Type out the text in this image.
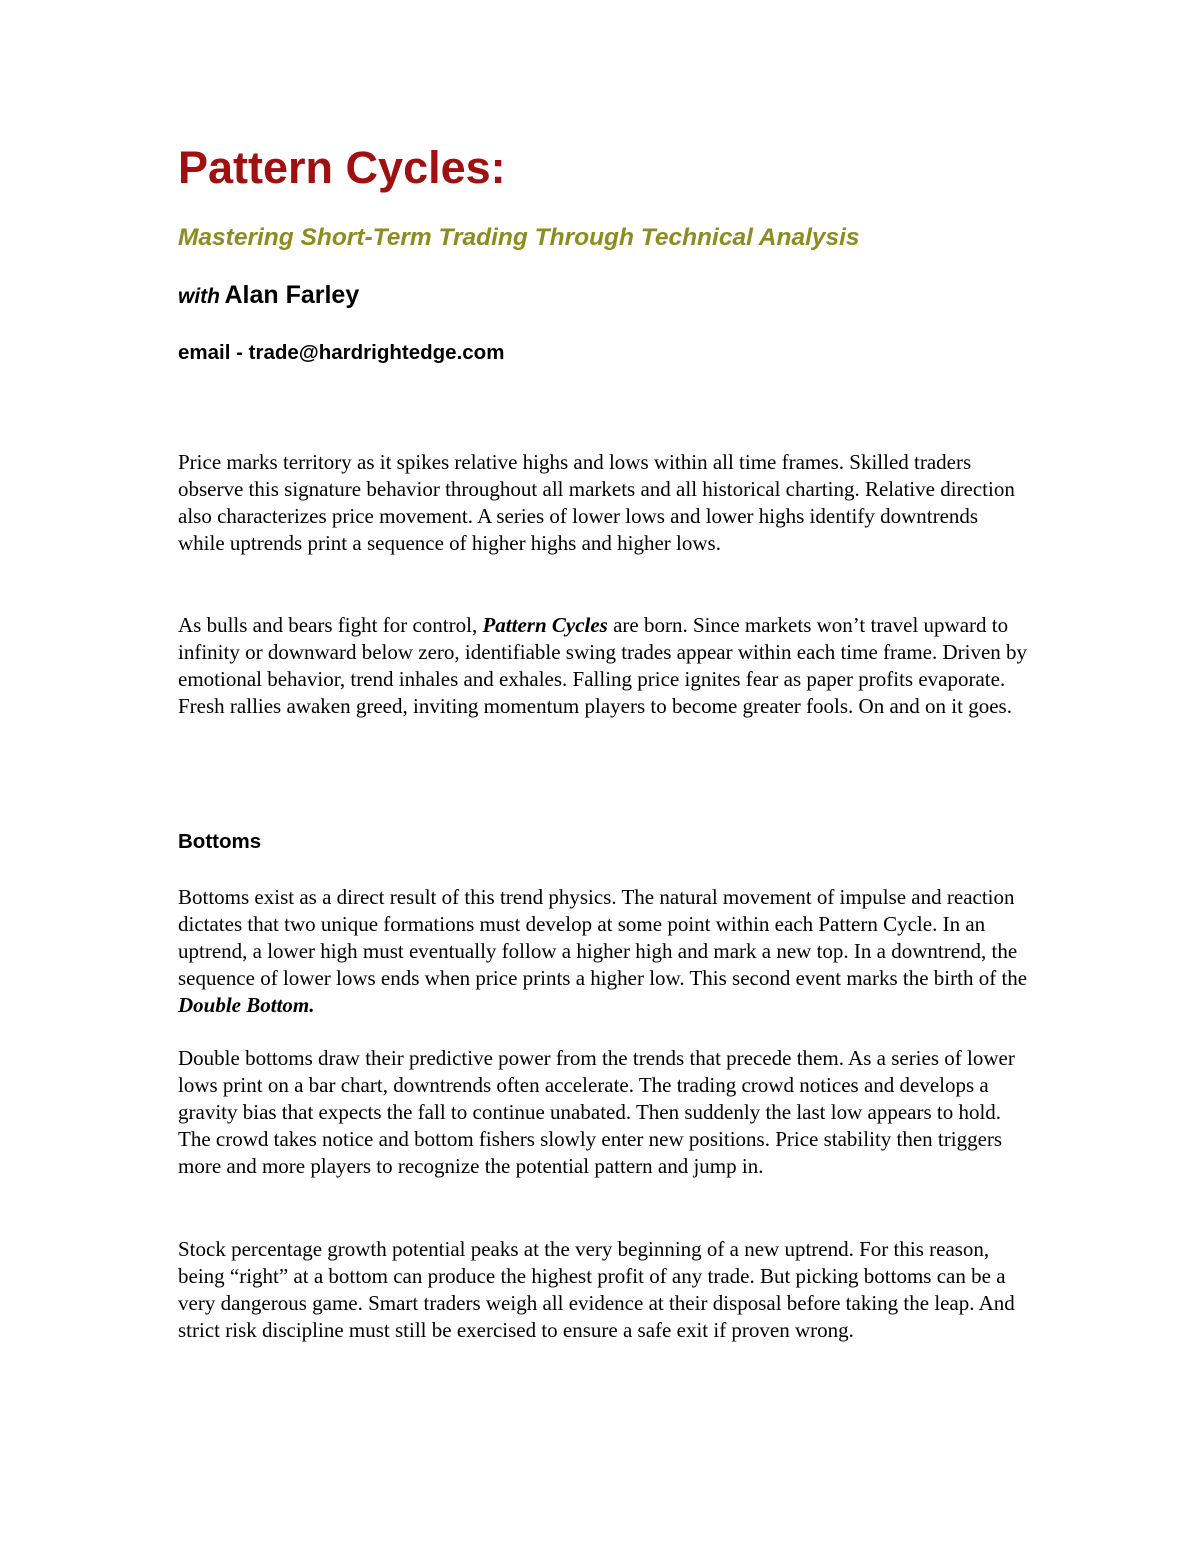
Pattern Cycles:
Mastering Short-Term Trading Through Technical Analysis

with Alan Farley

email - trade@hardrightedge.com

Price marks territory as it spikes relative highs and lows within all time frames. Skilled traders observe this signature behavior throughout all markets and all historical charting. Relative direction also characterizes price movement. A series of lower lows and lower highs identify downtrends while uptrends print a sequence of higher highs and higher lows.

As bulls and bears fight for control, Pattern Cycles are born. Since markets won’t travel upward to infinity or downward below zero, identifiable swing trades appear within each time frame. Driven by emotional behavior, trend inhales and exhales. Falling price ignites fear as paper profits evaporate. Fresh rallies awaken greed, inviting momentum players to become greater fools. On and on it goes.

Bottoms

Bottoms exist as a direct result of this trend physics. The natural movement of impulse and reaction dictates that two unique formations must develop at some point within each Pattern Cycle. In an uptrend, a lower high must eventually follow a higher high and mark a new top. In a downtrend, the sequence of lower lows ends when price prints a higher low. This second event marks the birth of the Double Bottom.

Double bottoms draw their predictive power from the trends that precede them. As a series of lower lows print on a bar chart, downtrends often accelerate. The trading crowd notices and develops a gravity bias that expects the fall to continue unabated. Then suddenly the last low appears to hold. The crowd takes notice and bottom fishers slowly enter new positions. Price stability then triggers more and more players to recognize the potential pattern and jump in.

Stock percentage growth potential peaks at the very beginning of a new uptrend. For this reason, being “right” at a bottom can produce the highest profit of any trade. But picking bottoms can be a very dangerous game. Smart traders weigh all evidence at their disposal before taking the leap. And strict risk discipline must still be exercised to ensure a safe exit if proven wrong.
